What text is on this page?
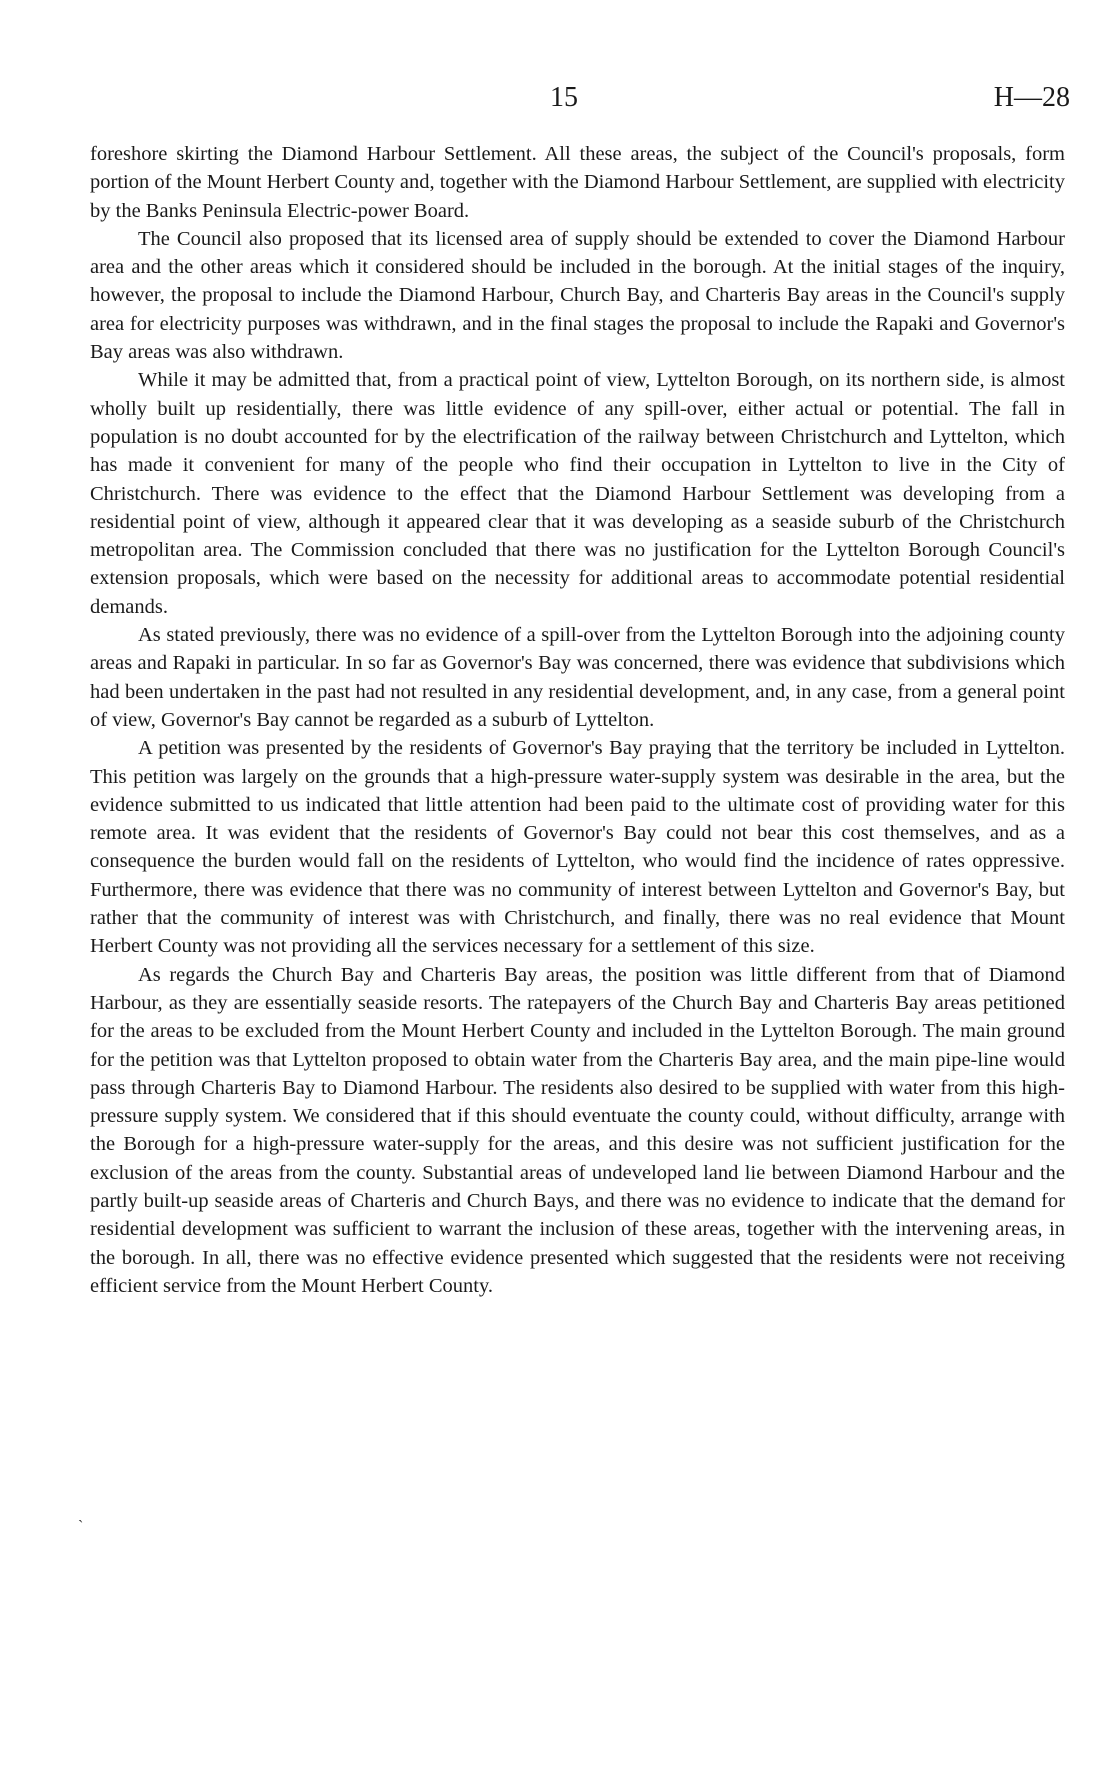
15	H—28

foreshore skirting the Diamond Harbour Settlement. All these areas, the subject of the Council's proposals, form portion of the Mount Herbert County and, together with the Diamond Harbour Settlement, are supplied with electricity by the Banks Peninsula Electric-power Board.

The Council also proposed that its licensed area of supply should be extended to cover the Diamond Harbour area and the other areas which it considered should be included in the borough. At the initial stages of the inquiry, however, the proposal to include the Diamond Harbour, Church Bay, and Charteris Bay areas in the Council's supply area for electricity purposes was withdrawn, and in the final stages the proposal to include the Rapaki and Governor's Bay areas was also withdrawn.

While it may be admitted that, from a practical point of view, Lyttelton Borough, on its northern side, is almost wholly built up residentially, there was little evidence of any spill-over, either actual or potential. The fall in population is no doubt accounted for by the electrification of the railway between Christchurch and Lyttelton, which has made it convenient for many of the people who find their occupation in Lyttelton to live in the City of Christchurch. There was evidence to the effect that the Diamond Harbour Settlement was developing from a residential point of view, although it appeared clear that it was developing as a seaside suburb of the Christchurch metropolitan area. The Commission concluded that there was no justification for the Lyttelton Borough Council's extension proposals, which were based on the necessity for additional areas to accommodate potential residential demands.

As stated previously, there was no evidence of a spill-over from the Lyttelton Borough into the adjoining county areas and Rapaki in particular. In so far as Governor's Bay was concerned, there was evidence that subdivisions which had been undertaken in the past had not resulted in any residential development, and, in any case, from a general point of view, Governor's Bay cannot be regarded as a suburb of Lyttelton.

A petition was presented by the residents of Governor's Bay praying that the territory be included in Lyttelton. This petition was largely on the grounds that a high-pressure water-supply system was desirable in the area, but the evidence submitted to us indicated that little attention had been paid to the ultimate cost of providing water for this remote area. It was evident that the residents of Governor's Bay could not bear this cost themselves, and as a consequence the burden would fall on the residents of Lyttelton, who would find the incidence of rates oppressive. Furthermore, there was evidence that there was no community of interest between Lyttelton and Governor's Bay, but rather that the community of interest was with Christchurch, and finally, there was no real evidence that Mount Herbert County was not providing all the services necessary for a settlement of this size.

As regards the Church Bay and Charteris Bay areas, the position was little different from that of Diamond Harbour, as they are essentially seaside resorts. The ratepayers of the Church Bay and Charteris Bay areas petitioned for the areas to be excluded from the Mount Herbert County and included in the Lyttelton Borough. The main ground for the petition was that Lyttelton proposed to obtain water from the Charteris Bay area, and the main pipe-line would pass through Charteris Bay to Diamond Harbour. The residents also desired to be supplied with water from this high-pressure supply system. We considered that if this should eventuate the county could, without difficulty, arrange with the Borough for a high-pressure water-supply for the areas, and this desire was not sufficient justification for the exclusion of the areas from the county. Substantial areas of undeveloped land lie between Diamond Harbour and the partly built-up seaside areas of Charteris and Church Bays, and there was no evidence to indicate that the demand for residential development was sufficient to warrant the inclusion of these areas, together with the intervening areas, in the borough. In all, there was no effective evidence presented which suggested that the residents were not receiving efficient service from the Mount Herbert County.

`
